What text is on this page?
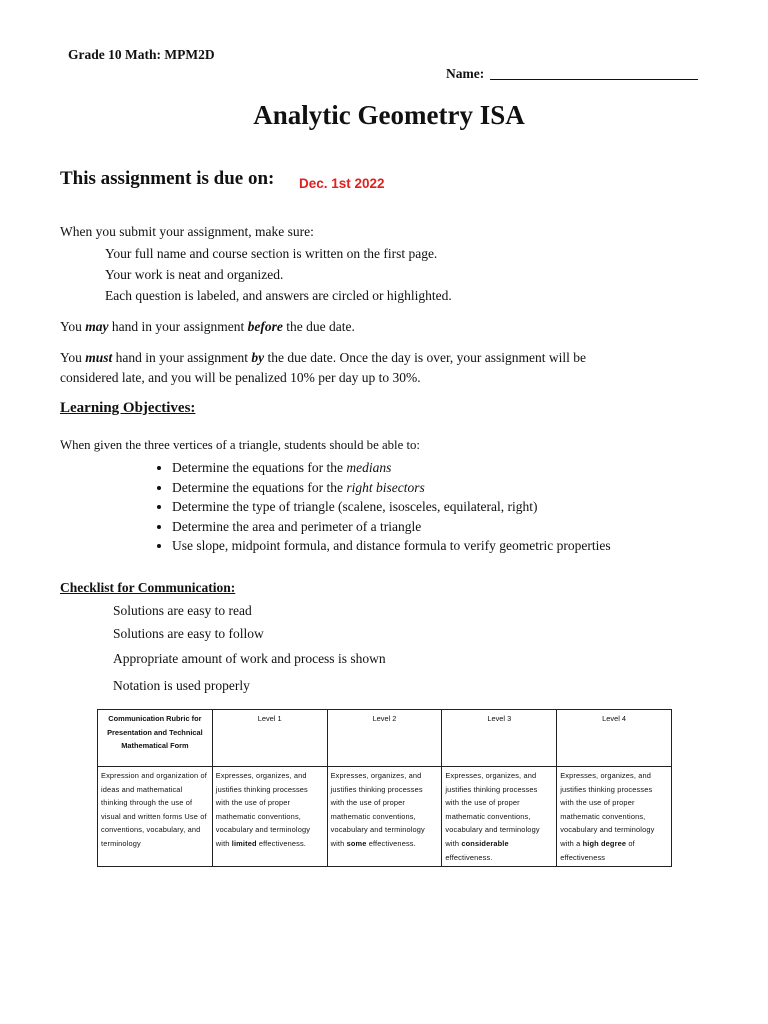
Grade 10 Math: MPM2D
Name:
Analytic Geometry ISA
This assignment is due on: Dec. 1st 2022
When you submit your assignment, make sure:
Your full name and course section is written on the first page.
Your work is neat and organized.
Each question is labeled, and answers are circled or highlighted.
You may hand in your assignment before the due date.
You must hand in your assignment by the due date. Once the day is over, your assignment will be
considered late, and you will be penalized 10% per day up to 30%.
Learning Objectives:
When given the three vertices of a triangle, students should be able to:
• Determine the equations for the medians
• Determine the equations for the right bisectors
• Determine the type of triangle (scalene, isosceles, equilateral, right)
• Determine the area and perimeter of a triangle
• Use slope, midpoint formula, and distance formula to verify geometric properties
Checklist for Communication:
Solutions are easy to read
Solutions are easy to follow
Appropriate amount of work and process is shown
Notation is used properly
Communication Rubric for Presentation and Technical Mathematical Form	Level 1	Level 2	Level 3	Level 4
Expression and organization of ideas and mathematical thinking through the use of visual and written forms Use of conventions, vocabulary, and terminology	Expresses, organizes, and justifies thinking processes with the use of proper mathematic conventions, vocabulary and terminology with limited effectiveness.	Expresses, organizes, and justifies thinking processes with the use of proper mathematic conventions, vocabulary and terminology with some effectiveness.	Expresses, organizes, and justifies thinking processes with the use of proper mathematic conventions, vocabulary and terminology with considerable effectiveness.	Expresses, organizes, and justifies thinking processes with the use of proper mathematic conventions, vocabulary and terminology with a high degree of effectiveness
